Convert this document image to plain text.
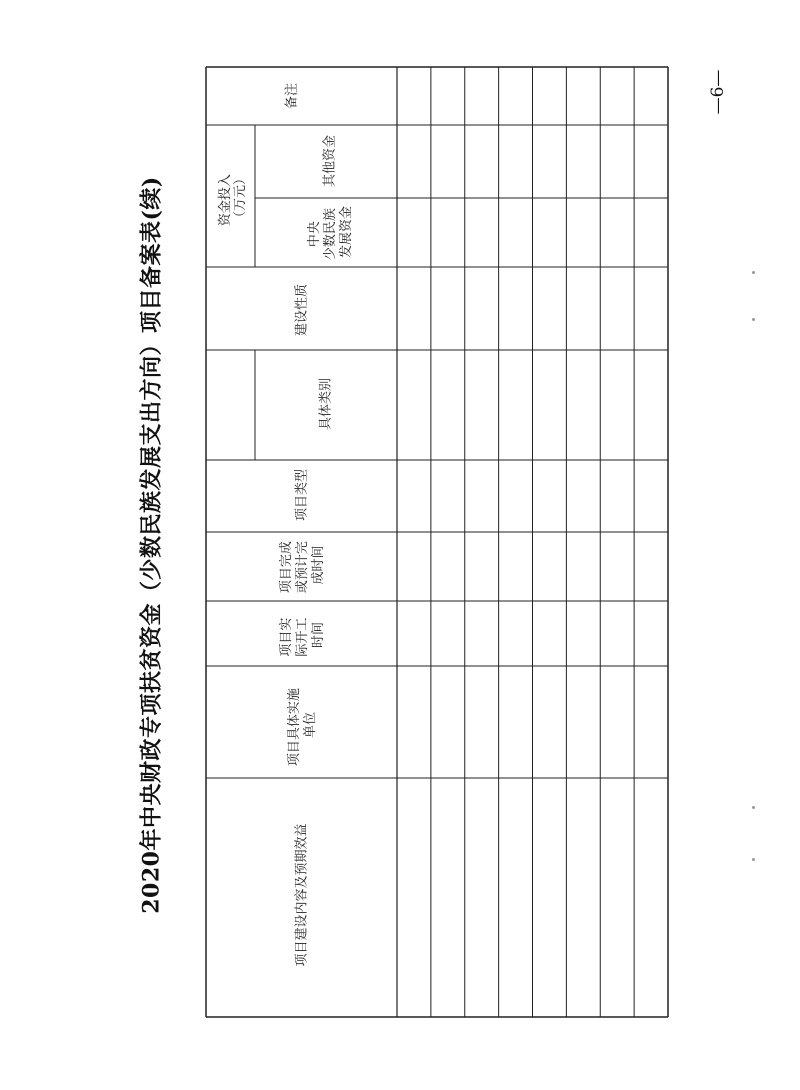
2020年中央财政专项扶贫资金（少数民族发展支出方向）项目备案表(续)
—6—
备注
资金投入 （万元）
其他资金
中央 少数民族 发展资金
建设性质
具体类别
项目类型
项目完成 或预计完 成时间
项目实 际开工 时间
项目具体实施 单位
项目建设内容及预期效益
